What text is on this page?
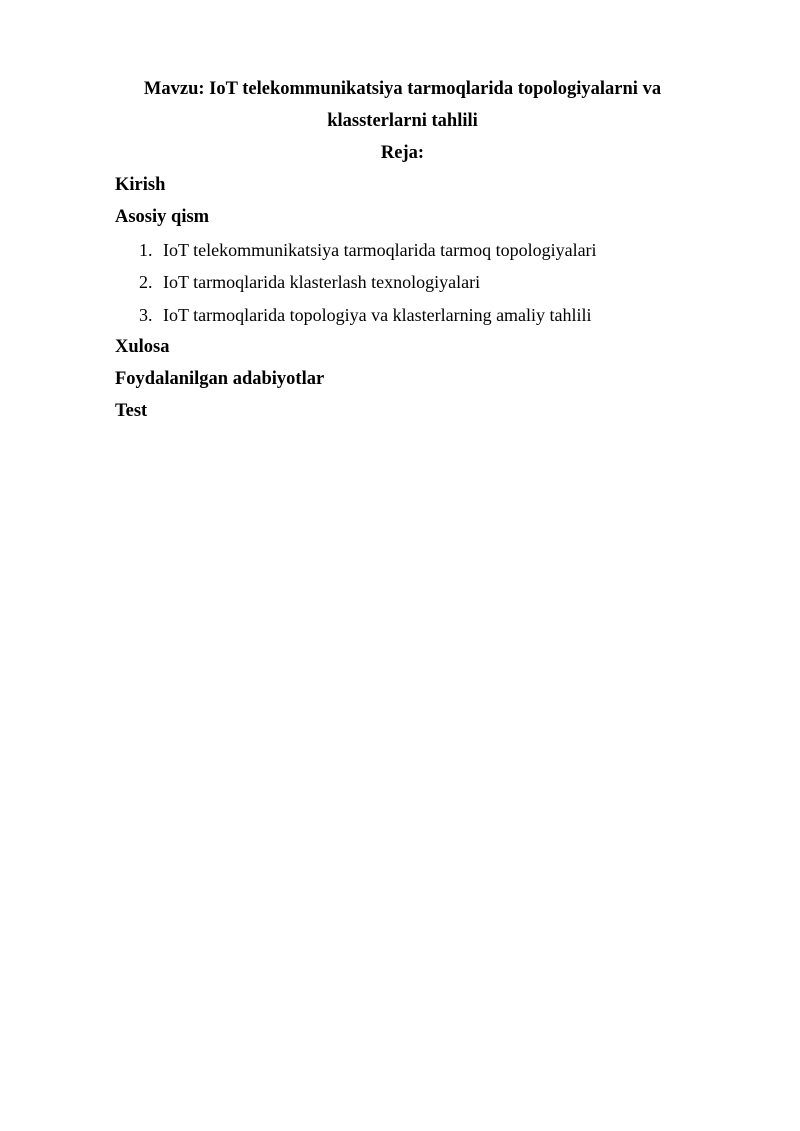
Mavzu: IoT telekommunikatsiya tarmoqlarida topologiyalarni va
klassterlarni tahlili
Reja:
Kirish
Asosiy qism
1. IoT telekommunikatsiya tarmoqlarida tarmoq topologiyalari
2. IoT tarmoqlarida klasterlash texnologiyalari
3. IoT tarmoqlarida topologiya va klasterlarning amaliy tahlili
Xulosa
Foydalanilgan adabiyotlar
Test
